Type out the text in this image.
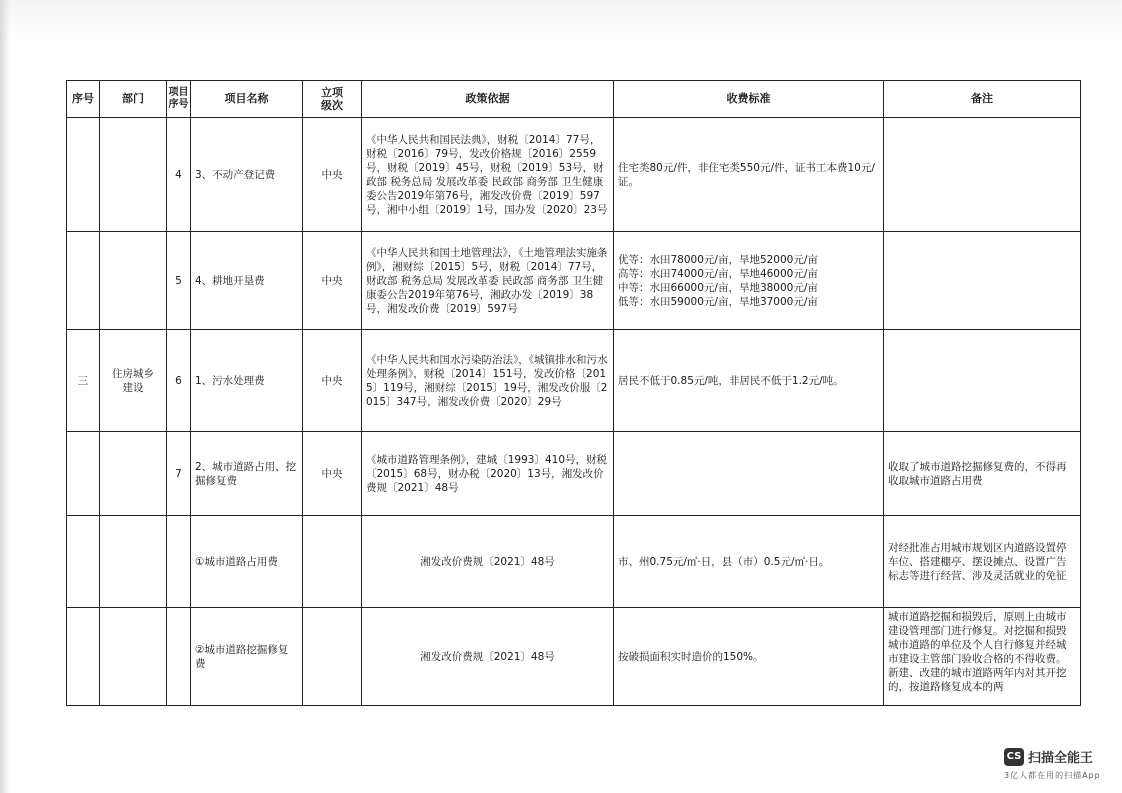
序号	部门	项目序号	项目名称	立项级次	政策依据	收费标准	备注
		4	3、不动产登记费	中央	《中华人民共和国民法典》，财税〔2014〕77号，财税〔2016〕79号，发改价格规〔2016〕2559号，财税〔2019〕45号，财税〔2019〕53号，财政部 税务总局 发展改革委 民政部 商务部 卫生健康委公告2019年第76号，湘发改价费〔2019〕597号，湘中小组〔2019〕1号，国办发〔2020〕23号	住宅类80元/件，非住宅类550元/件，证书工本费10元/证。	
		5	4、耕地开垦费	中央	《中华人民共和国土地管理法》，《土地管理法实施条例》，湘财综〔2015〕5号，财税〔2014〕77号，财政部 税务总局 发展改革委 民政部 商务部 卫生健康委公告2019年第76号，湘政办发〔2019〕38号，湘发改价费〔2019〕597号	优等：水田78000元/亩，旱地52000元/亩
高等：水田74000元/亩，旱地46000元/亩
中等：水田66000元/亩，旱地38000元/亩
低等：水田59000元/亩，旱地37000元/亩	

三	住房城乡建设	6	1、污水处理费	中央	《中华人民共和国水污染防治法》，《城镇排水和污水处理条例》，财税〔2014〕151号，发改价格〔2015〕119号，湘财综〔2015〕19号，湘发改价服〔2015〕347号，湘发改价费〔2020〕29号	居民不低于0.85元/吨，非居民不低于1.2元/吨。	
		7	2、城市道路占用、挖掘修复费	中央	《城市道路管理条例》，建城〔1993〕410号，财税〔2015〕68号，财办税〔2020〕13号，湘发改价费规〔2021〕48号		收取了城市道路挖掘修复费的，不得再收取城市道路占用费
			①城市道路占用费		湘发改价费规〔2021〕48号	市、州0.75元/㎡·日，县（市）0.5元/㎡·日。	对经批准占用城市规划区内道路设置停车位、搭建棚亭、摆设摊点、设置广告标志等进行经营、涉及灵活就业的免征
			②城市道路挖掘修复费		湘发改价费规〔2021〕48号	按破损面积实时造价的150%。	城市道路挖掘和损毁后，原则上由城市建设管理部门进行修复。对挖掘和损毁城市道路的单位及个人自行修复并经城市建设主管部门验收合格的不得收费。新建、改建的城市道路两年内对其开挖的，按道路修复成本的两
CS 扫描全能王
3亿人都在用的扫描App
